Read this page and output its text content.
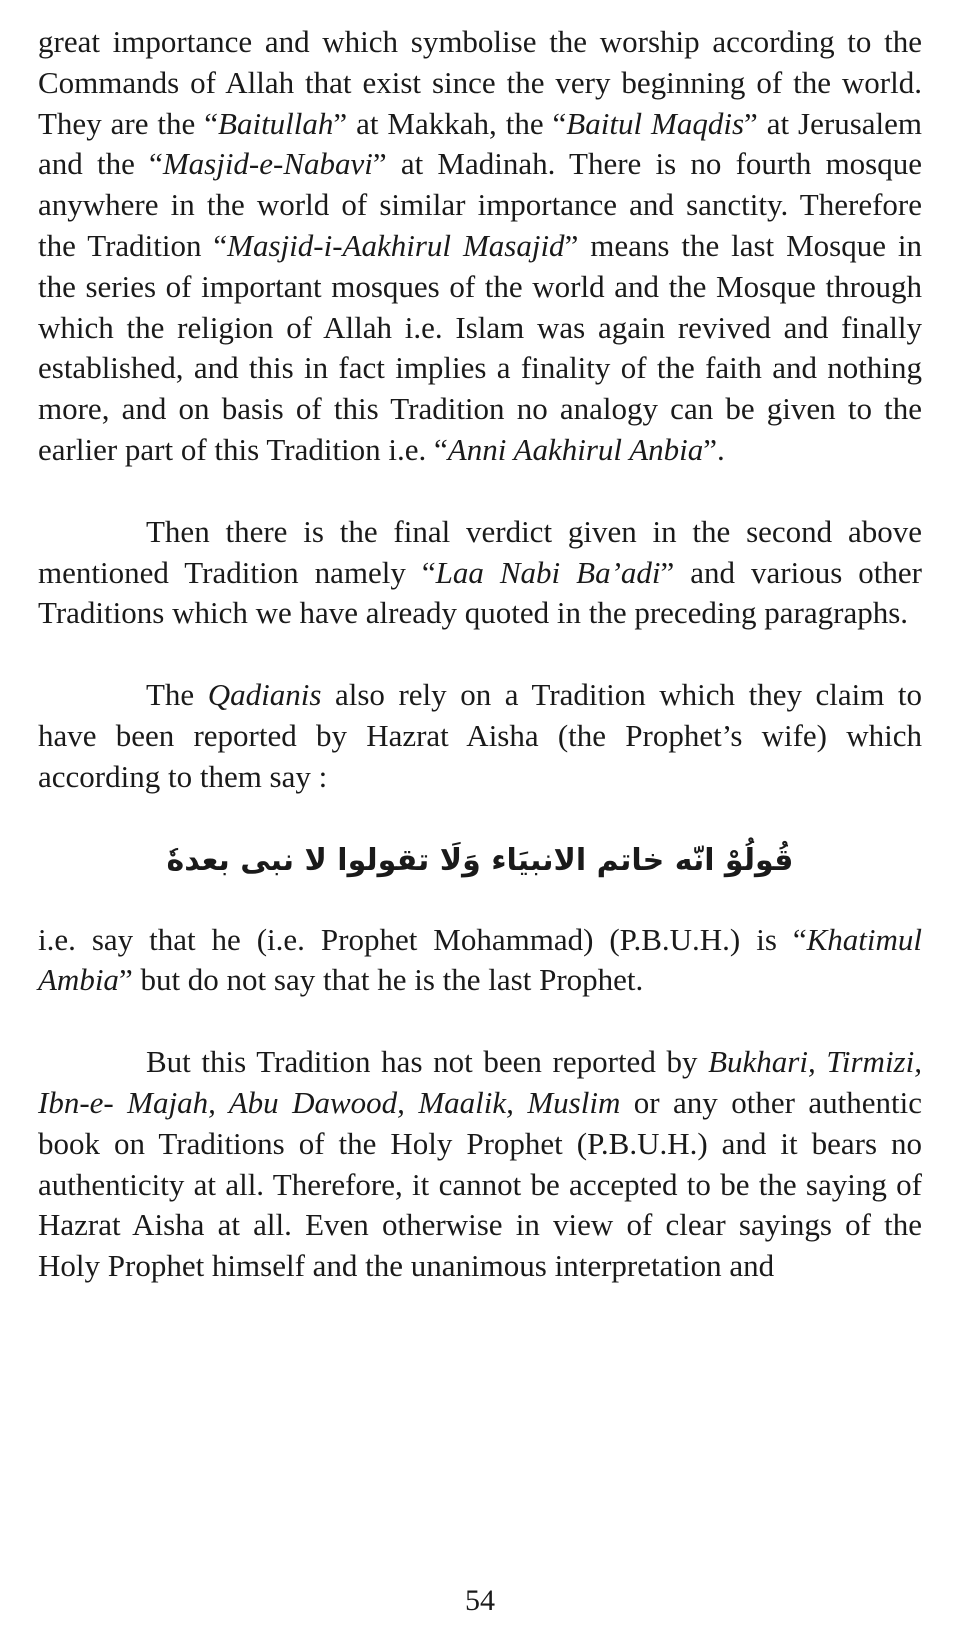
great importance and which symbolise the worship according to the Commands of Allah that exist since the very beginning of the world. They are the “Baitullah” at Makkah, the “Baitul Maqdis” at Jerusalem and the “Masjid-e-Nabavi” at Madinah. There is no fourth mosque anywhere in the world of similar importance and sanctity. Therefore the Tradition “Masjid-i-Aakhirul Masajid” means the last Mosque in the series of important mosques of the world and the Mosque through which the religion of Allah i.e. Islam was again revived and finally established, and this in fact implies a finality of the faith and nothing more, and on basis of this Tradition no analogy can be given to the earlier part of this Tradition i.e. “Anni Aakhirul Anbia”.

Then there is the final verdict given in the second above mentioned Tradition namely “Laa Nabi Ba’adi” and various other Traditions which we have already quoted in the preceding paragraphs.

The Qadianis also rely on a Tradition which they claim to have been reported by Hazrat Aisha (the Prophet’s wife) which according to them say :

قُولُوْ انّه خاتم الانبيَاء وَلَا تقولوا لا نبى بعدهٗ

i.e. say that he (i.e. Prophet Mohammad) (P.B.U.H.) is “Khatimul Ambia” but do not say that he is the last Prophet.

But this Tradition has not been reported by Bukhari, Tirmizi, Ibn-e- Majah, Abu Dawood, Maalik, Muslim or any other authentic book on Traditions of the Holy Prophet (P.B.U.H.) and it bears no authenticity at all. Therefore, it cannot be accepted to be the saying of Hazrat Aisha at all. Even otherwise in view of clear sayings of the Holy Prophet himself and the unanimous interpretation and

54
